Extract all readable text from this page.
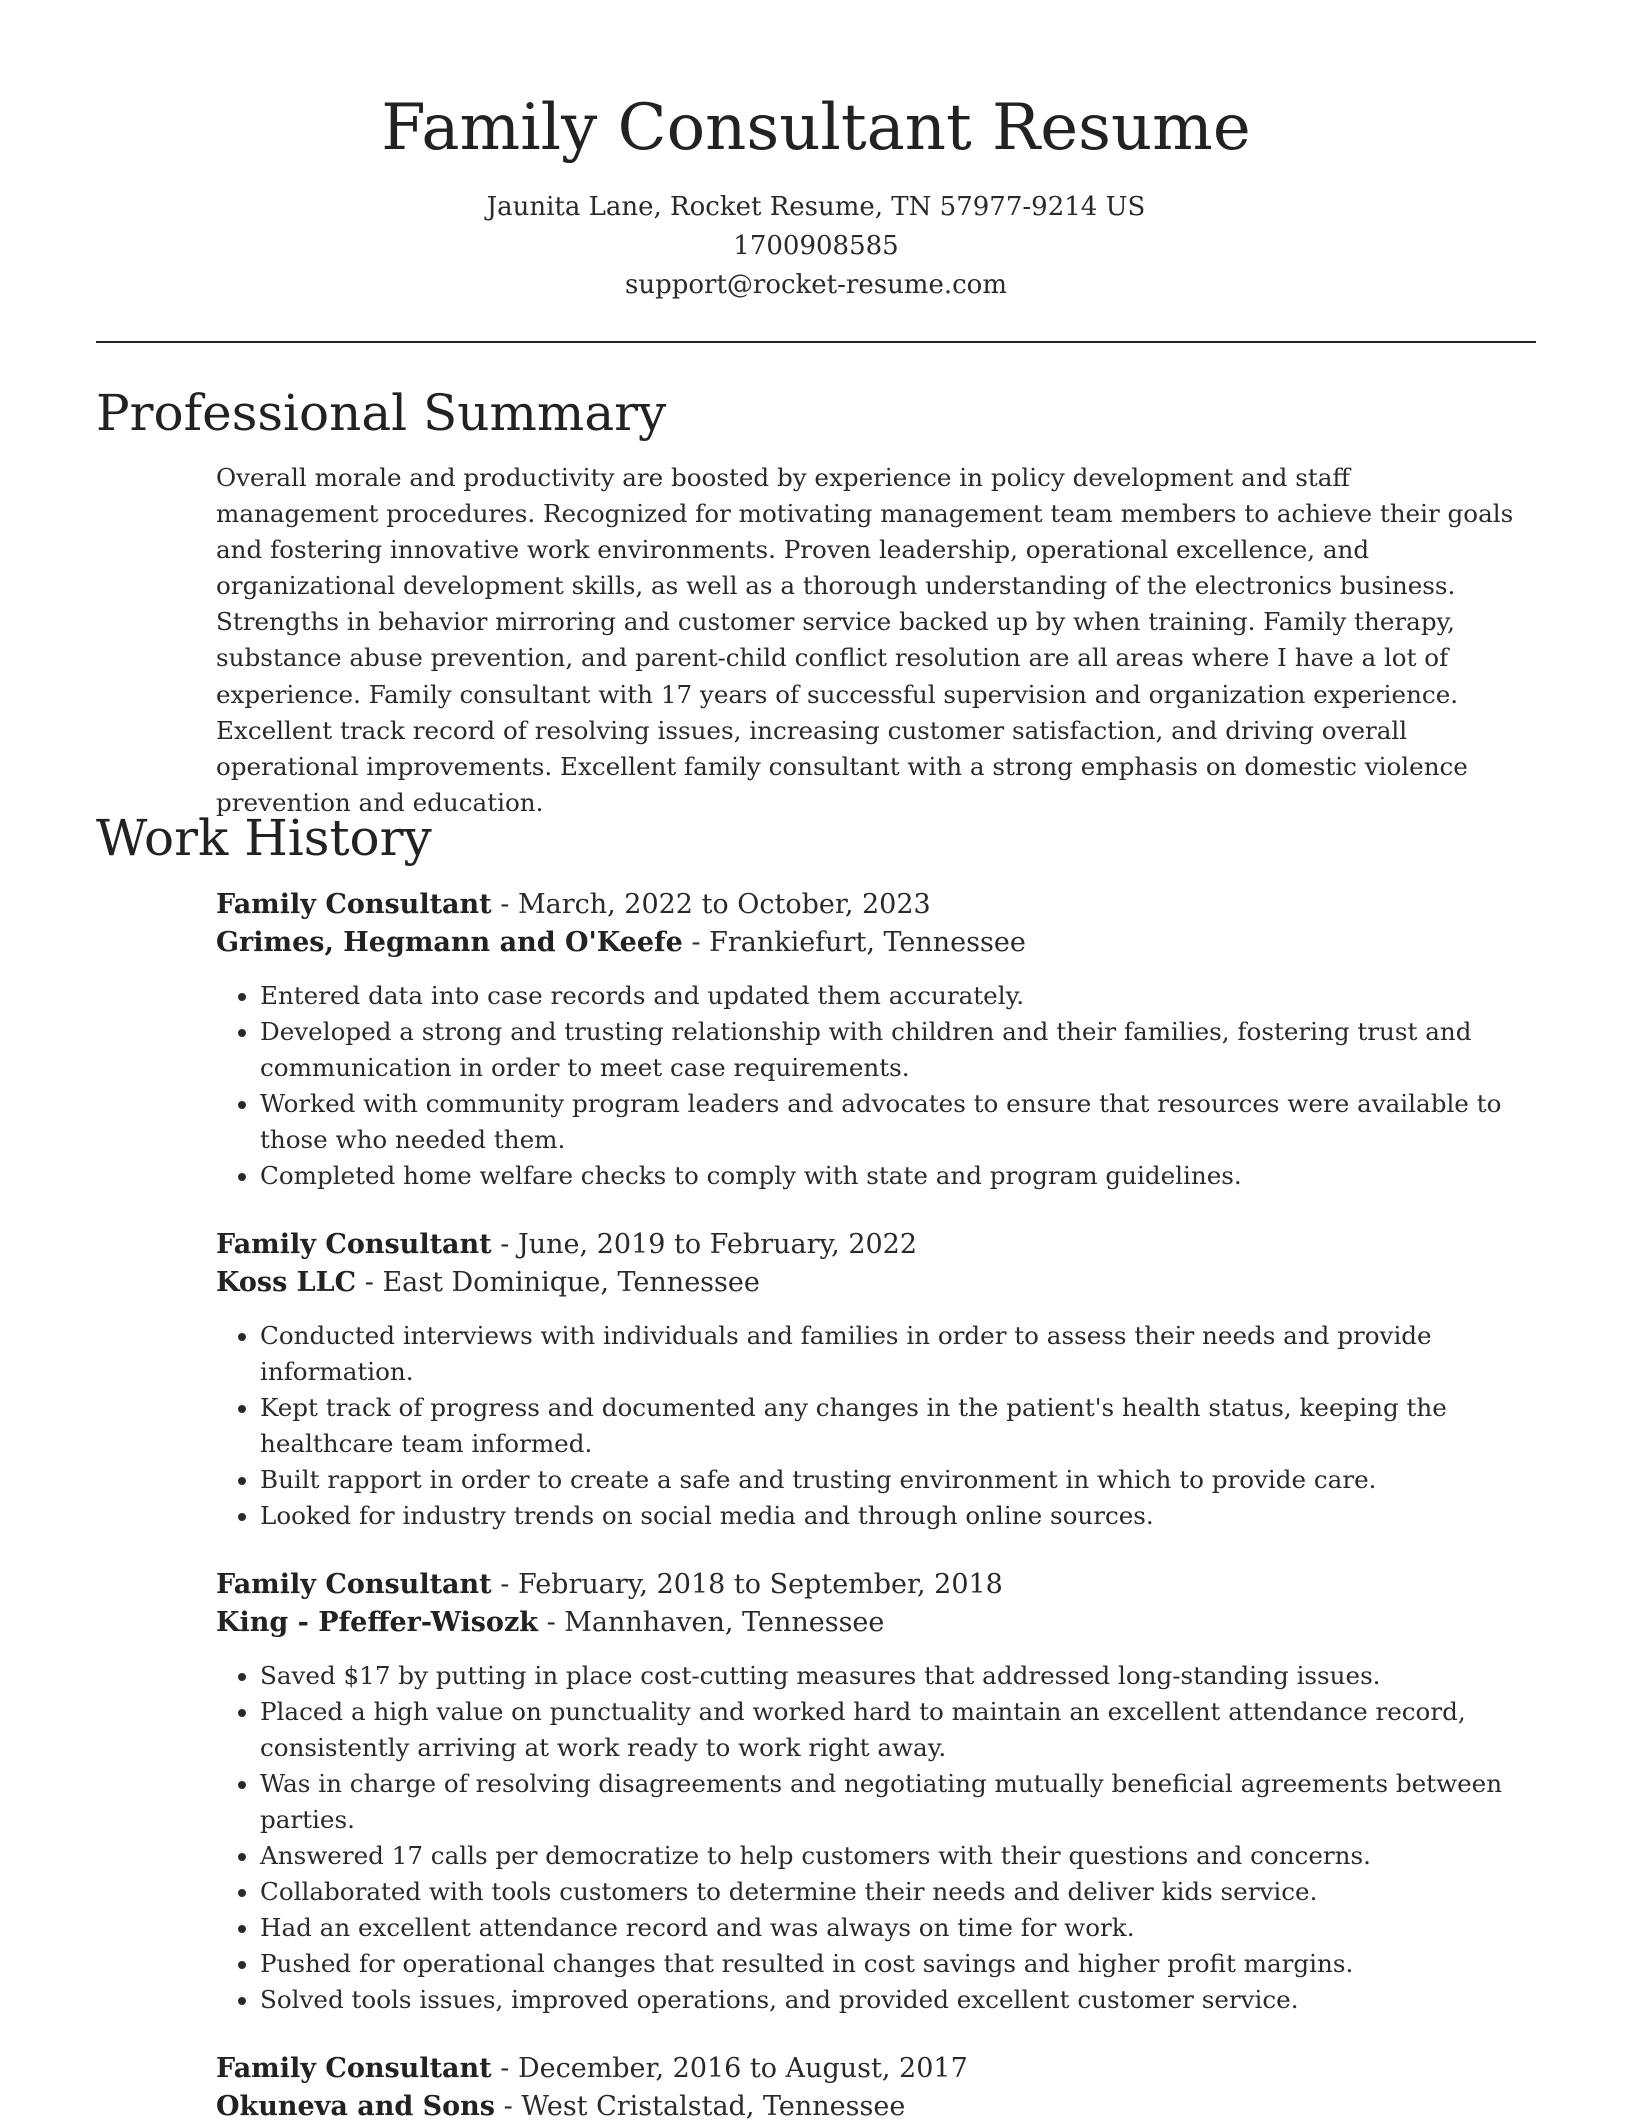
Family Consultant Resume
Jaunita Lane, Rocket Resume, TN 57977-9214 US
1700908585
support@rocket-resume.com
Professional Summary

Overall morale and productivity are boosted by experience in policy development and staff management procedures. Recognized for motivating management team members to achieve their goals and fostering innovative work environments. Proven leadership, operational excellence, and organizational development skills, as well as a thorough understanding of the electronics business. Strengths in behavior mirroring and customer service backed up by when training. Family therapy, substance abuse prevention, and parent-child conflict resolution are all areas where I have a lot of experience. Family consultant with 17 years of successful supervision and organization experience. Excellent track record of resolving issues, increasing customer satisfaction, and driving overall operational improvements. Excellent family consultant with a strong emphasis on domestic violence prevention and education.

Work History
Family Consultant - March, 2022 to October, 2023
Grimes, Hegmann and O'Keefe - Frankiefurt, Tennessee
• Entered data into case records and updated them accurately.
• Developed a strong and trusting relationship with children and their families, fostering trust and communication in order to meet case requirements.
• Worked with community program leaders and advocates to ensure that resources were available to those who needed them.
• Completed home welfare checks to comply with state and program guidelines.
Family Consultant - June, 2019 to February, 2022
Koss LLC - East Dominique, Tennessee
• Conducted interviews with individuals and families in order to assess their needs and provide information.
• Kept track of progress and documented any changes in the patient's health status, keeping the healthcare team informed.
• Built rapport in order to create a safe and trusting environment in which to provide care.
• Looked for industry trends on social media and through online sources.
Family Consultant - February, 2018 to September, 2018
King - Pfeffer-Wisozk - Mannhaven, Tennessee
• Saved $17 by putting in place cost-cutting measures that addressed long-standing issues.
• Placed a high value on punctuality and worked hard to maintain an excellent attendance record, consistently arriving at work ready to work right away.
• Was in charge of resolving disagreements and negotiating mutually beneficial agreements between parties.
• Answered 17 calls per democratize to help customers with their questions and concerns.
• Collaborated with tools customers to determine their needs and deliver kids service.
• Had an excellent attendance record and was always on time for work.
• Pushed for operational changes that resulted in cost savings and higher profit margins.
• Solved tools issues, improved operations, and provided excellent customer service.
Family Consultant - December, 2016 to August, 2017
Okuneva and Sons - West Cristalstad, Tennessee
